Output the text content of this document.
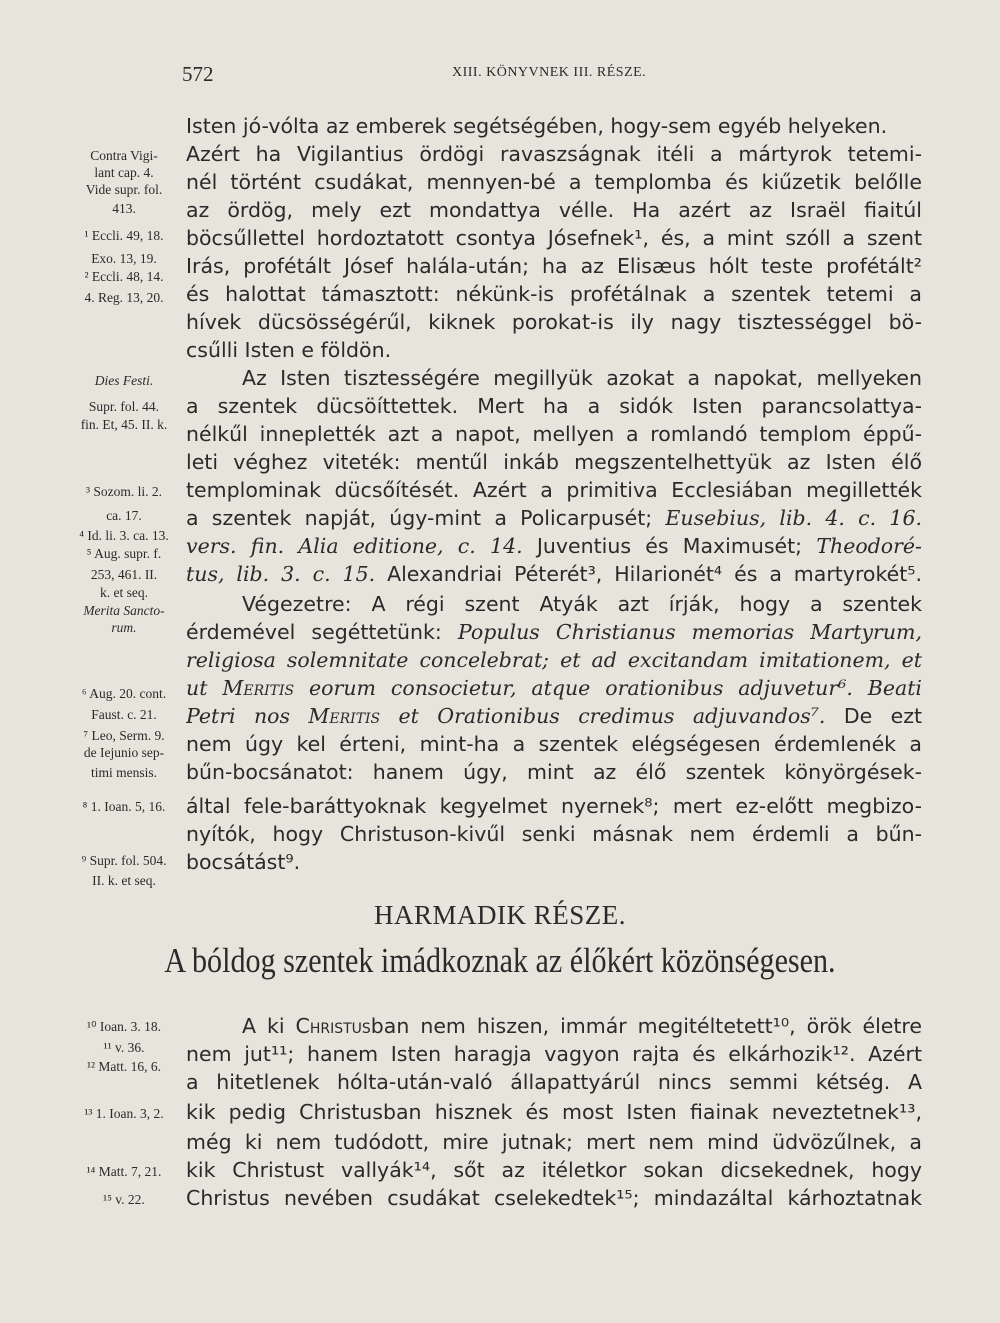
572	XIII. KÖNYVNEK III. RÉSZE.
Contra Vigi-
lant cap. 4.
Vide supr. fol.
413.
¹ Eccli. 49, 18.
Exo. 13, 19.
² Eccli. 48, 14.
4. Reg. 13, 20.
Dies Festi.
Supr. fol. 44.
fin. Et, 45. II. k.
³ Sozom. li. 2.
ca. 17.
⁴ Id. li. 3. ca. 13.
⁵ Aug. supr. f.
253, 461. II.
k. et seq.
Merita Sancto-
rum.
⁶ Aug. 20. cont.
Faust. c. 21.
⁷ Leo, Serm. 9.
de Iejunio sep-
timi mensis.
⁸ 1. Ioan. 5, 16.
⁹ Supr. fol. 504.
II. k. et seq.
¹⁰ Ioan. 3. 18.
¹¹ v. 36.
¹² Matt. 16, 6.
¹³ 1. Ioan. 3, 2.
¹⁴ Matt. 7, 21.
¹⁵ v. 22.
Isten jó-vólta az emberek segétségében, hogy-sem egyéb helyeken.
Azért ha Vigilantius ördögi ravaszságnak itéli a mártyrok tetemi-
nél történt csudákat, mennyen-bé a templomba és kiűzetik belőlle
az ördög, mely ezt mondattya vélle. Ha azért az Israël fiaitúl
böcsűllettel hordoztatott csontya Jósefnek¹, és, a mint szóll a szent
Irás, profétált Jósef halála-után; ha az Elisæus hólt teste profétált²
és halottat támasztott: nékünk-is profétálnak a szentek tetemi a
hívek dücsösségérűl, kiknek porokat-is ily nagy tisztességgel bö-
csűlli Isten e földön.
Az Isten tisztességére megillyük azokat a napokat, mellyeken
a szentek dücsöíttettek. Mert ha a sidók Isten parancsolattya-
nélkűl inneplették azt a napot, mellyen a romlandó templom éppű-
leti véghez viteték: mentűl inkáb megszentelhettyük az Isten élő
templominak dücsőítését. Azért a primitiva Ecclesiában megillették
a szentek napját, úgy-mint a Policarpusét; Eusebius, lib. 4. c. 16.
vers. fin. Alia editione, c. 14. Juventius és Maximusét; Theodoré-
tus, lib. 3. c. 15. Alexandriai Péterét³, Hilarionét⁴ és a martyrokét⁵.
Végezetre: A régi szent Atyák azt írják, hogy a szentek
érdemével segéttetünk: Populus Christianus memorias Martyrum,
religiosa solemnitate concelebrat; et ad excitandam imitationem, et
ut Meritis eorum consocietur, atque orationibus adjuvetur⁶. Beati
Petri nos Meritis et Orationibus credimus adjuvandos⁷. De ezt
nem úgy kel érteni, mint-ha a szentek elégségesen érdemlenék a
bűn-bocsánatot: hanem úgy, mint az élő szentek könyörgések-
által fele-baráttyoknak kegyelmet nyernek⁸; mert ez-előtt megbizo-
nyítók, hogy Christuson-kivűl senki másnak nem érdemli a bűn-
bocsátást⁹.
HARMADIK RÉSZE.
A bóldog szentek imádkoznak az élőkért közönségesen.
A ki Christusban nem hiszen, immár megitéltetett¹⁰, örök életre
nem jut¹¹; hanem Isten haragja vagyon rajta és elkárhozik¹². Azért
a hitetlenek hólta-után-való állapattyárúl nincs semmi kétség. A
kik pedig Christusban hisznek és most Isten fiainak neveztetnek¹³,
még ki nem tudódott, mire jutnak; mert nem mind üdvözűlnek, a
kik Christust vallyák¹⁴, sőt az itéletkor sokan dicsekednek, hogy
Christus nevében csudákat cselekedtek¹⁵; mindazáltal kárhoztatnak
